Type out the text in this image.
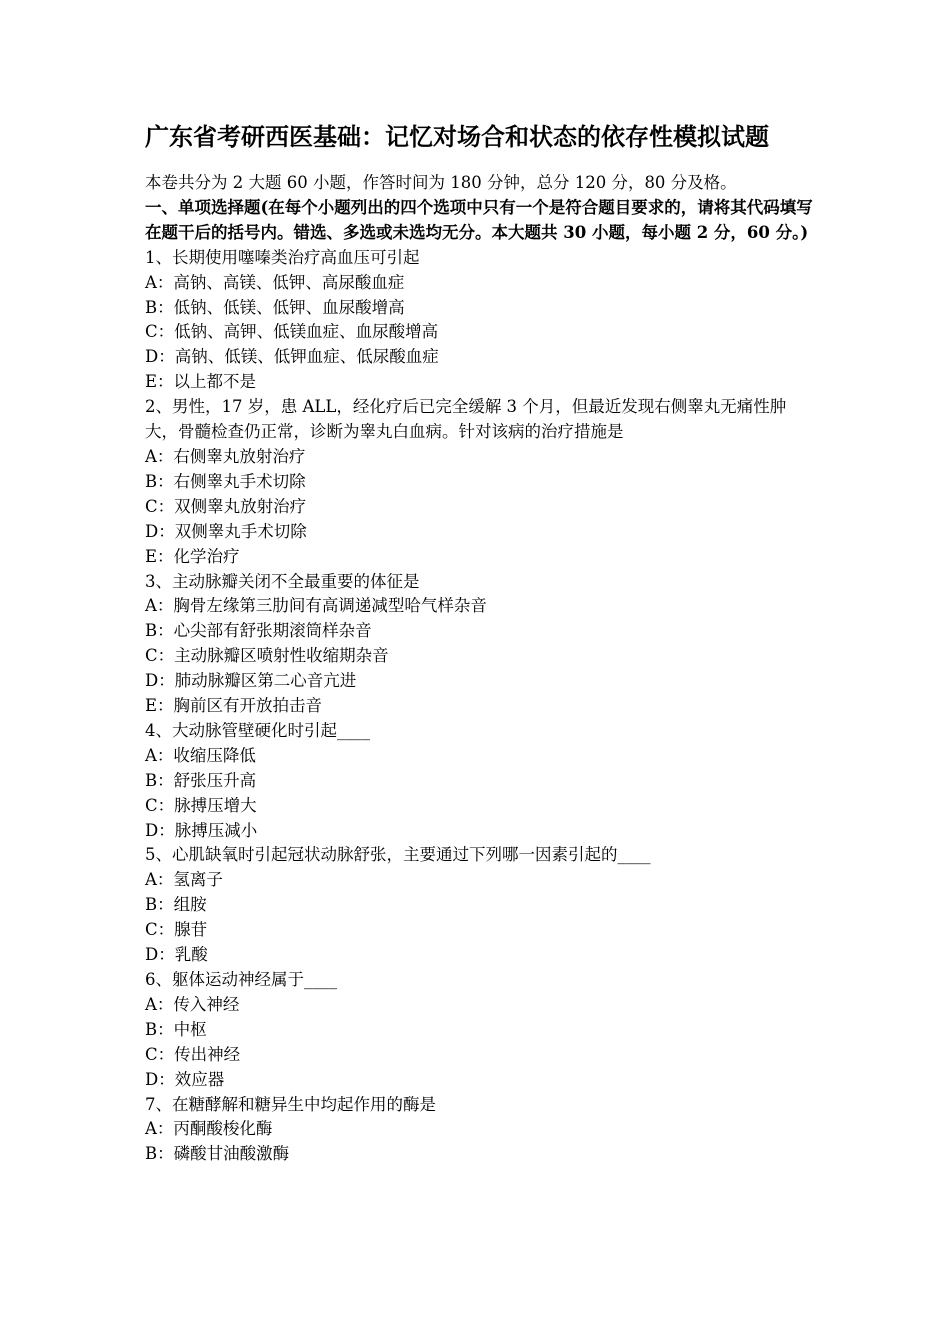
广东省考研西医基础：记忆对场合和状态的依存性模拟试题

本卷共分为 2 大题 60 小题，作答时间为 180 分钟，总分 120 分，80 分及格。

一、单项选择题(在每个小题列出的四个选项中只有一个是符合题目要求的，请将其代码填写在题干后的括号内。错选、多选或未选均无分。本大题共 30 小题，每小题 2 分，60 分。)

1、长期使用噻嗪类治疗高血压可引起

A：高钠、高镁、低钾、高尿酸血症

B：低钠、低镁、低钾、血尿酸增高

C：低钠、高钾、低镁血症、血尿酸增高

D：高钠、低镁、低钾血症、低尿酸血症

E：以上都不是

2、男性，17 岁，患 ALL，经化疗后已完全缓解 3 个月，但最近发现右侧睾丸无痛性肿大，骨髓检查仍正常，诊断为睾丸白血病。针对该病的治疗措施是

A：右侧睾丸放射治疗

B：右侧睾丸手术切除

C：双侧睾丸放射治疗

D：双侧睾丸手术切除

E：化学治疗

3、主动脉瓣关闭不全最重要的体征是

A：胸骨左缘第三肋间有高调递减型哈气样杂音

B：心尖部有舒张期滚筒样杂音

C：主动脉瓣区喷射性收缩期杂音

D：肺动脉瓣区第二心音亢进

E：胸前区有开放拍击音

4、大动脉管壁硬化时引起____

A：收缩压降低

B：舒张压升高

C：脉搏压增大

D：脉搏压减小

5、心肌缺氧时引起冠状动脉舒张，主要通过下列哪一因素引起的____

A：氢离子

B：组胺

C：腺苷

D：乳酸

6、躯体运动神经属于____

A：传入神经

B：中枢

C：传出神经

D：效应器

7、在糖酵解和糖异生中均起作用的酶是

A：丙酮酸梭化酶

B：磷酸甘油酸激酶
